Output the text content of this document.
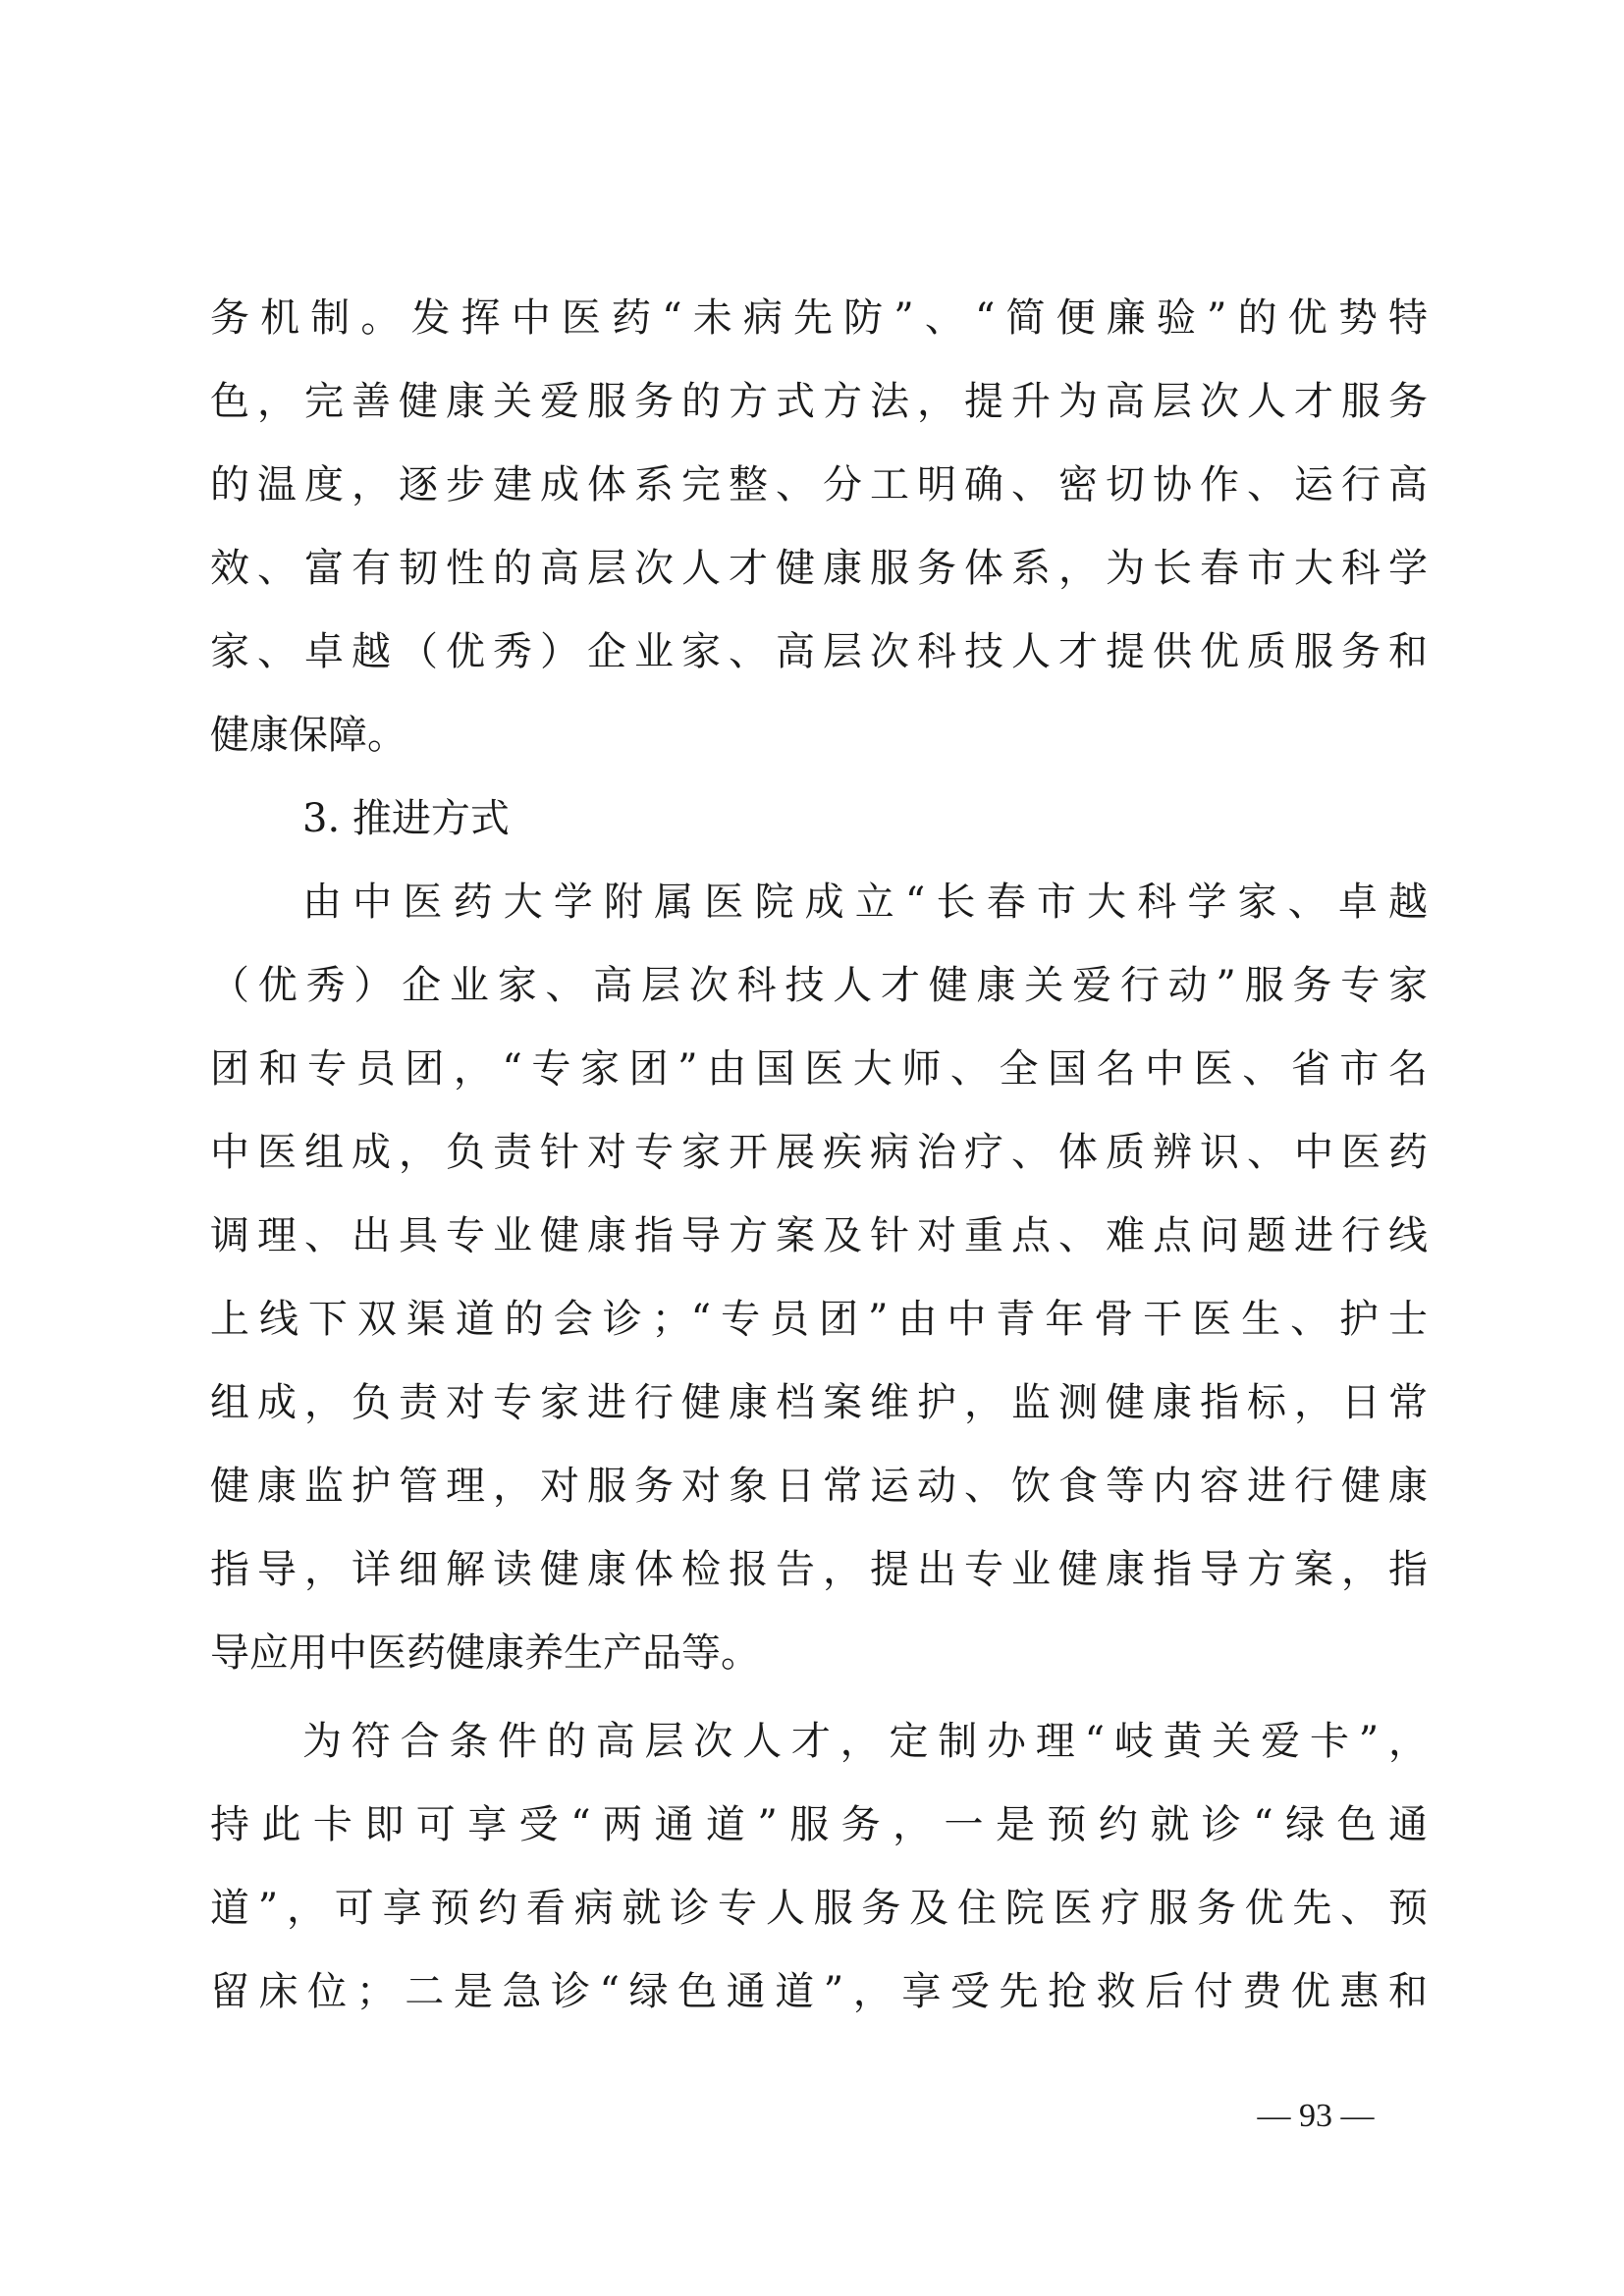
务机制。发挥中医药“未病先防”、“简便廉验”的优势特
色，完善健康关爱服务的方式方法，提升为高层次人才服务
的温度，逐步建成体系完整、分工明确、密切协作、运行高
效、富有韧性的高层次人才健康服务体系，为长春市大科学
家、卓越（优秀）企业家、高层次科技人才提供优质服务和
健康保障。
3. 推进方式
由中医药大学附属医院成立“长春市大科学家、卓越
（优秀）企业家、高层次科技人才健康关爱行动”服务专家
团和专员团，“专家团”由国医大师、全国名中医、省市名
中医组成，负责针对专家开展疾病治疗、体质辨识、中医药
调理、出具专业健康指导方案及针对重点、难点问题进行线
上线下双渠道的会诊；“专员团”由中青年骨干医生、护士
组成，负责对专家进行健康档案维护，监测健康指标，日常
健康监护管理，对服务对象日常运动、饮食等内容进行健康
指导，详细解读健康体检报告，提出专业健康指导方案，指
导应用中医药健康养生产品等。
为符合条件的高层次人才，定制办理“岐黄关爱卡”，
持此卡即可享受“两通道”服务，一是预约就诊“绿色通
道”，可享预约看病就诊专人服务及住院医疗服务优先、预
留床位；二是急诊“绿色通道”，享受先抢救后付费优惠和
— 93 —
